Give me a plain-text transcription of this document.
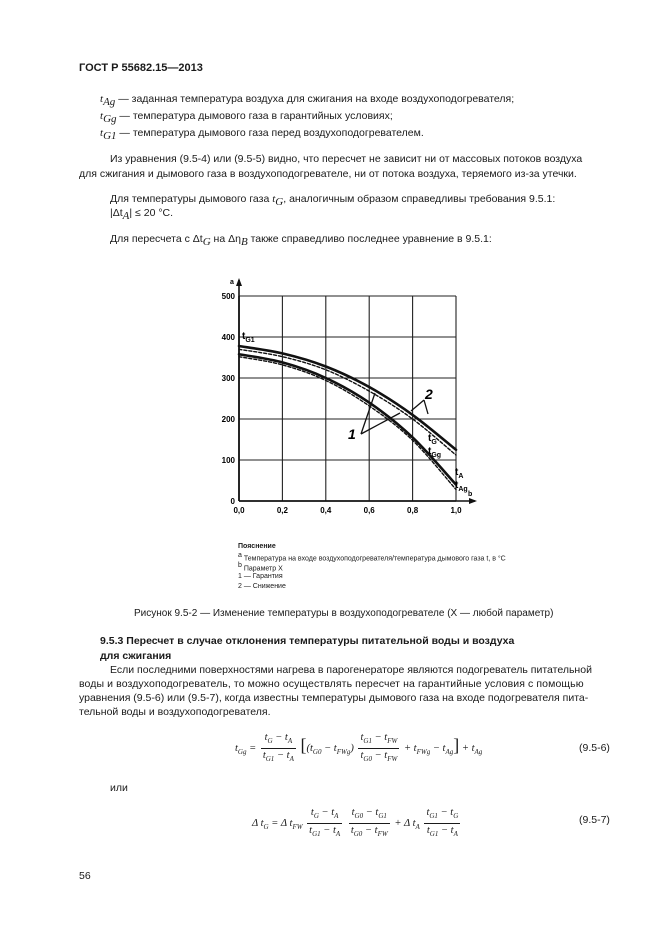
ГОСТ Р 55682.15—2013
$t_{Ag}$ — заданная температура воздуха для сжигания на входе воздухоподогревателя;
$t_{Gg}$ — температура дымового газа в гарантийных условиях;
$t_{G1}$ — температура дымового газа перед воздухоподогревателем.
Из уравнения (9.5-4) или (9.5-5) видно, что пересчет не зависит ни от массовых потоков воздуха
для сжигания и дымового газа в воздухоподогревателе, ни от потока воздуха, теряемого из-за утечки.
Для температуры дымового газа $t_G$, аналогичным образом справедливы требования 9.5.1:
$|\Delta t_A| \le 20$ °C.
Для пересчета с $\Delta t_G$ на $\Delta\eta_B$ также справедливо последнее уравнение в 9.5.1:
a
b
0
100
200
300
400
500
0,0	0,2	0,4	0,6	0,8	1,0
$t_{G1}$
$t_G$
$t_{Gg}$
$t_A$
$t_{Ag}$
1
2
Пояснение
$^a$ Температура на входе воздухоподогревателя/температура дымового газа t, в °C
$^b$ Параметр X
1 — Гарантия
2 — Снижение
Рисунок 9.5-2 — Изменение температуры в воздухоподогревателе (X — любой параметр)
9.5.3 Пересчет в случае отклонения температуры питательной воды и воздуха
для сжигания
Если последними поверхностями нагрева в парогенераторе являются подогреватель питательной
воды и воздухоподогреватель, то можно осуществлять пересчет на гарантийные условия с помощью
уравнения (9.5-6) или (9.5-7), когда известны температуры дымового газа на входе подогревателя пита-
тельной воды и воздухоподогревателя.
$t_{Gg} = \frac{t_G - t_A}{t_{G1} - t_A} [(t_{G0} - t_{FWg}) \frac{t_{G1} - t_{FW}}{t_{G0} - t_{FW}} + t_{FWg} - t_{Ag}] + t_{Ag}$	(9.5-6)
или
Δ $t_G = \Delta$ $t_{FW} \frac{t_G - t_A}{t_{G1} - t_A}$
$\frac{t_{G0} - t_{G1}}{t_{G0} - t_{FW}} + \Delta$ $t_A \frac{t_{G1} - t_G}{t_{G1} - t_A}$	(9.5-7)
56
